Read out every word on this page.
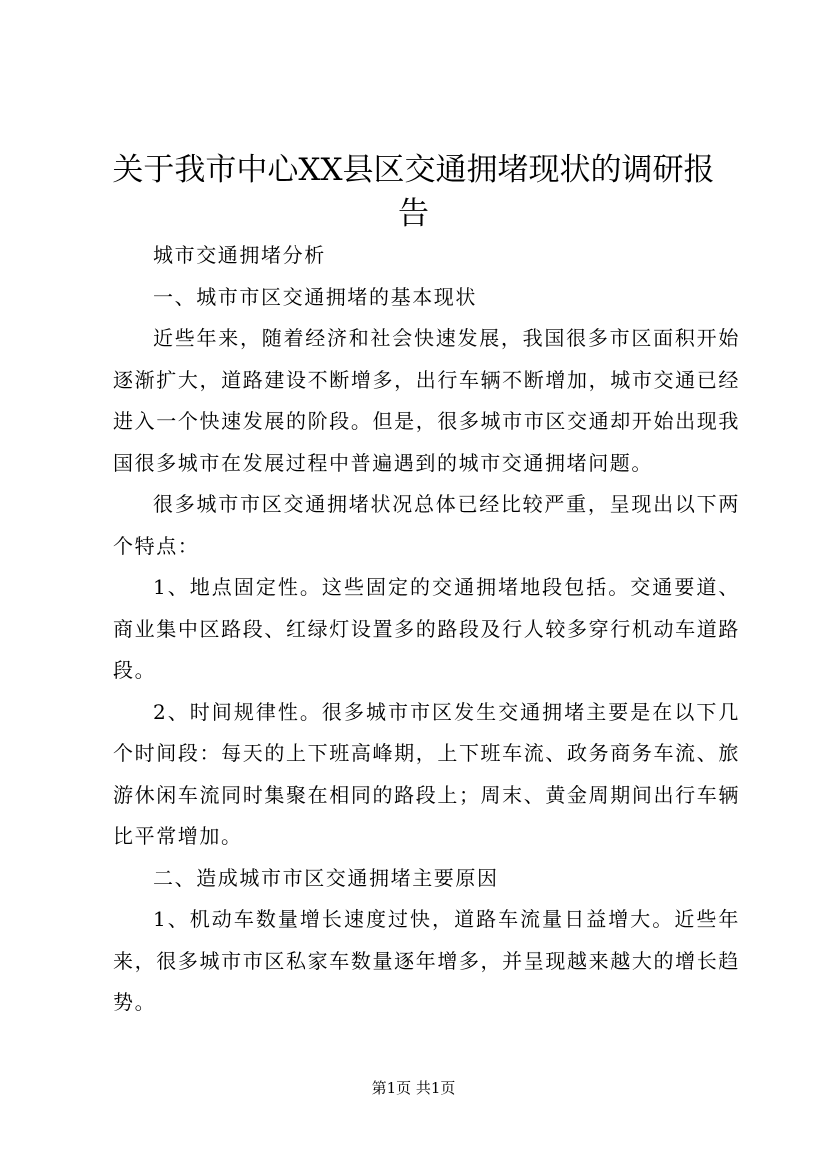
关于我市中心XX县区交通拥堵现状的调研报告

城市交通拥堵分析

一、城市市区交通拥堵的基本现状

近些年来，随着经济和社会快速发展，我国很多市区面积开始逐渐扩大，道路建设不断增多，出行车辆不断增加，城市交通已经进入一个快速发展的阶段。但是，很多城市市区交通却开始出现我国很多城市在发展过程中普遍遇到的城市交通拥堵问题。

很多城市市区交通拥堵状况总体已经比较严重，呈现出以下两个特点：

1、地点固定性。这些固定的交通拥堵地段包括。交通要道、商业集中区路段、红绿灯设置多的路段及行人较多穿行机动车道路段。

2、时间规律性。很多城市市区发生交通拥堵主要是在以下几个时间段：每天的上下班高峰期，上下班车流、政务商务车流、旅游休闲车流同时集聚在相同的路段上；周末、黄金周期间出行车辆比平常增加。

二、造成城市市区交通拥堵主要原因

1、机动车数量增长速度过快，道路车流量日益增大。近些年来，很多城市市区私家车数量逐年增多，并呈现越来越大的增长趋势。

第1页 共1页
